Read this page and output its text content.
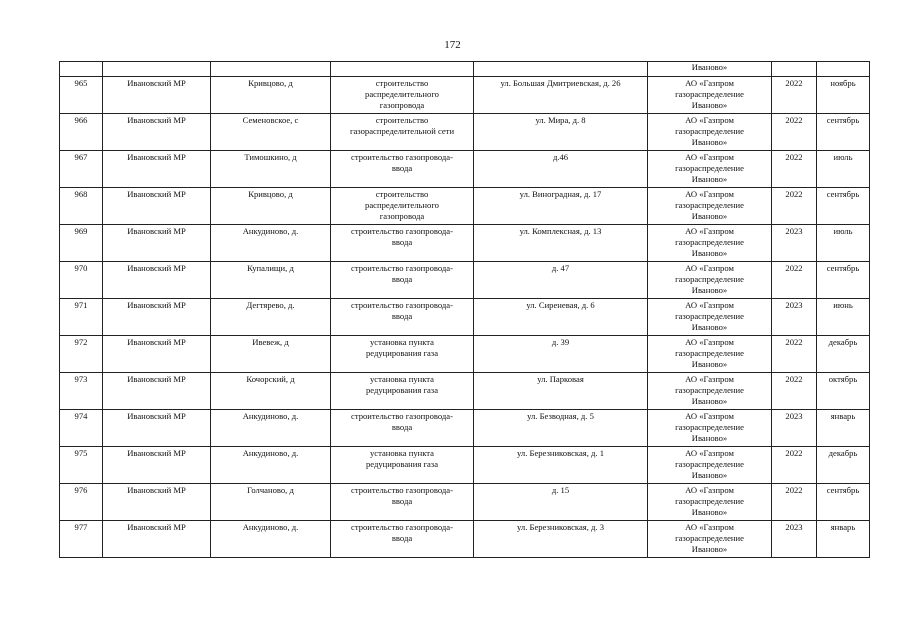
172
					Иваново»		
965	Ивановский МР	Кривцово, д	строительство
распределительного
газопровода	ул. Большая Дмитриевская, д. 26	АО «Газпром
газораспределение
Иваново»	2022	ноябрь
966	Ивановский МР	Семеновское, с	строительство
газораспределительной сети	ул. Мира, д. 8	АО «Газпром
газораспределение
Иваново»	2022	сентябрь
967	Ивановский МР	Тимошкино, д	строительство газопровода-
ввода	д.46	АО «Газпром
газораспределение
Иваново»	2022	июль
968	Ивановский МР	Кривцово, д	строительство
распределительного
газопровода	ул. Виноградная, д. 17	АО «Газпром
газораспределение
Иваново»	2022	сентябрь
969	Ивановский МР	Анкудиново, д.	строительство газопровода-
ввода	ул. Комплексная, д. 13	АО «Газпром
газораспределение
Иваново»	2023	июль
970	Ивановский МР	Купалищи, д	строительство газопровода-
ввода	д. 47	АО «Газпром
газораспределение
Иваново»	2022	сентябрь
971	Ивановский МР	Дегтярево, д.	строительство газопровода-
ввода	ул. Сиреневая, д. 6	АО «Газпром
газораспределение
Иваново»	2023	июнь
972	Ивановский МР	Ивевеж, д	установка пункта
редуцирования газа	д. 39	АО «Газпром
газораспределение
Иваново»	2022	декабрь
973	Ивановский МР	Кочорский, д	установка пункта
редуцирования газа	ул. Парковая	АО «Газпром
газораспределение
Иваново»	2022	октябрь
974	Ивановский МР	Анкудиново, д.	строительство газопровода-
ввода	ул. Безводная, д. 5	АО «Газпром
газораспределение
Иваново»	2023	январь
975	Ивановский МР	Анкудиново, д.	установка пункта
редуцирования газа	ул. Березниковская, д. 1	АО «Газпром
газораспределение
Иваново»	2022	декабрь
976	Ивановский МР	Голчаново, д	строительство газопровода-
ввода	д. 15	АО «Газпром
газораспределение
Иваново»	2022	сентябрь
977	Ивановский МР	Анкудиново, д.	строительство газопровода-
ввода	ул. Березниковская, д. 3	АО «Газпром
газораспределение
Иваново»	2023	январь
